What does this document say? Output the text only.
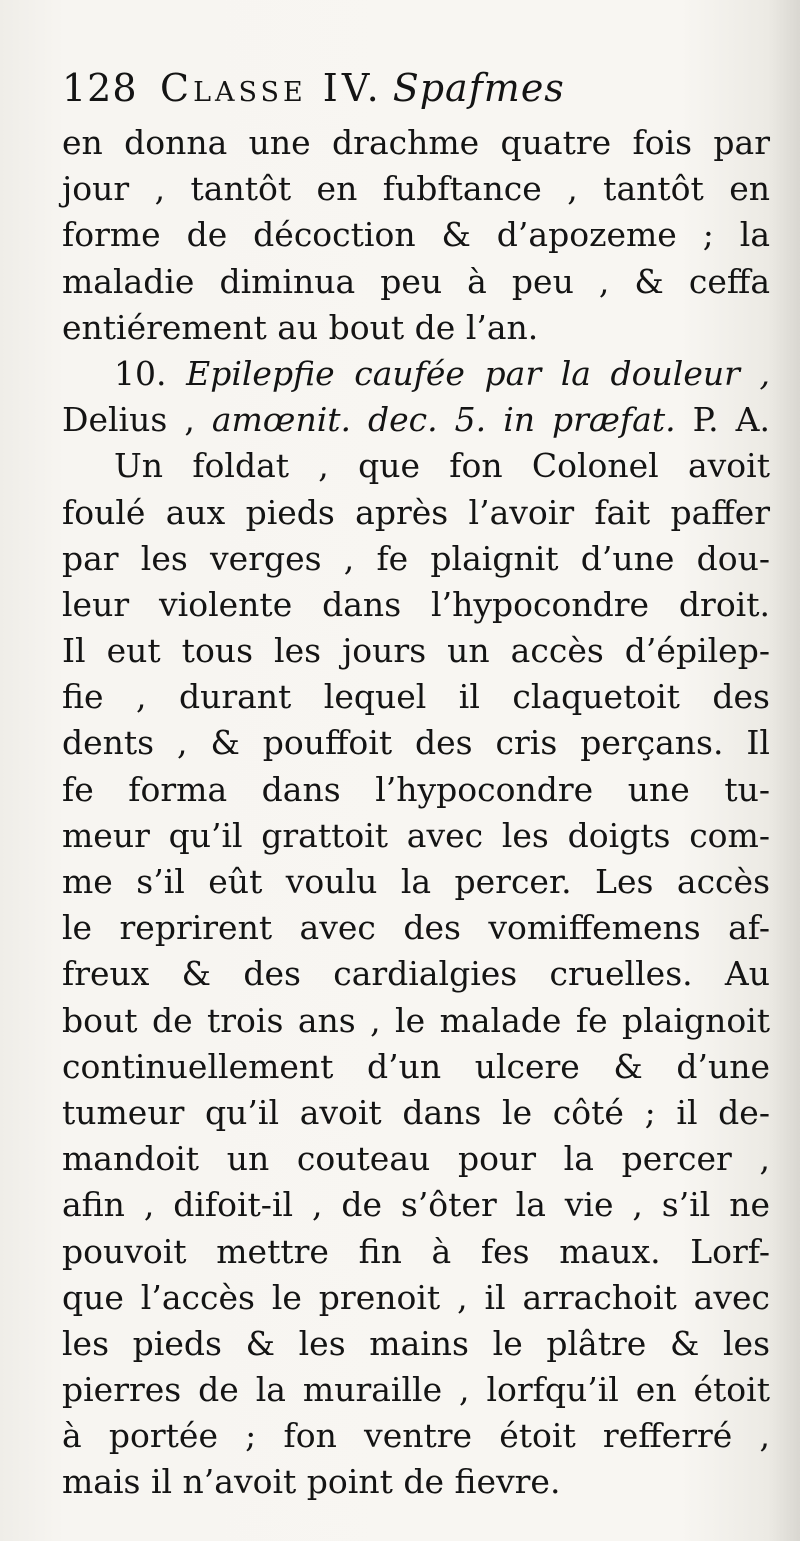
128 Classe IV. Spafmes
en donna une drachme quatre fois par
jour , tantôt en fubftance , tantôt en
forme de décoction & d’apozeme ; la
maladie diminua peu à peu , & ceffa
entiérement au bout de l’an.
10. Epilepfie caufée par la douleur ,
Delius , amœnit. dec. 5. in præfat. P. A.
Un foldat , que fon Colonel avoit
foulé aux pieds après l’avoir fait paffer
par les verges , fe plaignit d’une dou-
leur violente dans l’hypocondre droit.
Il eut tous les jours un accès d’épilep-
fie , durant lequel il claquetoit des
dents , & pouffoit des cris perçans. Il
fe forma dans l’hypocondre une tu-
meur qu’il grattoit avec les doigts com-
me s’il eût voulu la percer. Les accès
le reprirent avec des vomiffemens af-
freux & des cardialgies cruelles. Au
bout de trois ans , le malade fe plaignoit
continuellement d’un ulcere & d’une
tumeur qu’il avoit dans le côté ; il de-
mandoit un couteau pour la percer ,
afin , difoit-il , de s’ôter la vie , s’il ne
pouvoit mettre fin à fes maux. Lorf-
que l’accès le prenoit , il arrachoit avec
les pieds & les mains le plâtre & les
pierres de la muraille , lorfqu’il en étoit
à portée ; fon ventre étoit refferré ,
mais il n’avoit point de fievre.
